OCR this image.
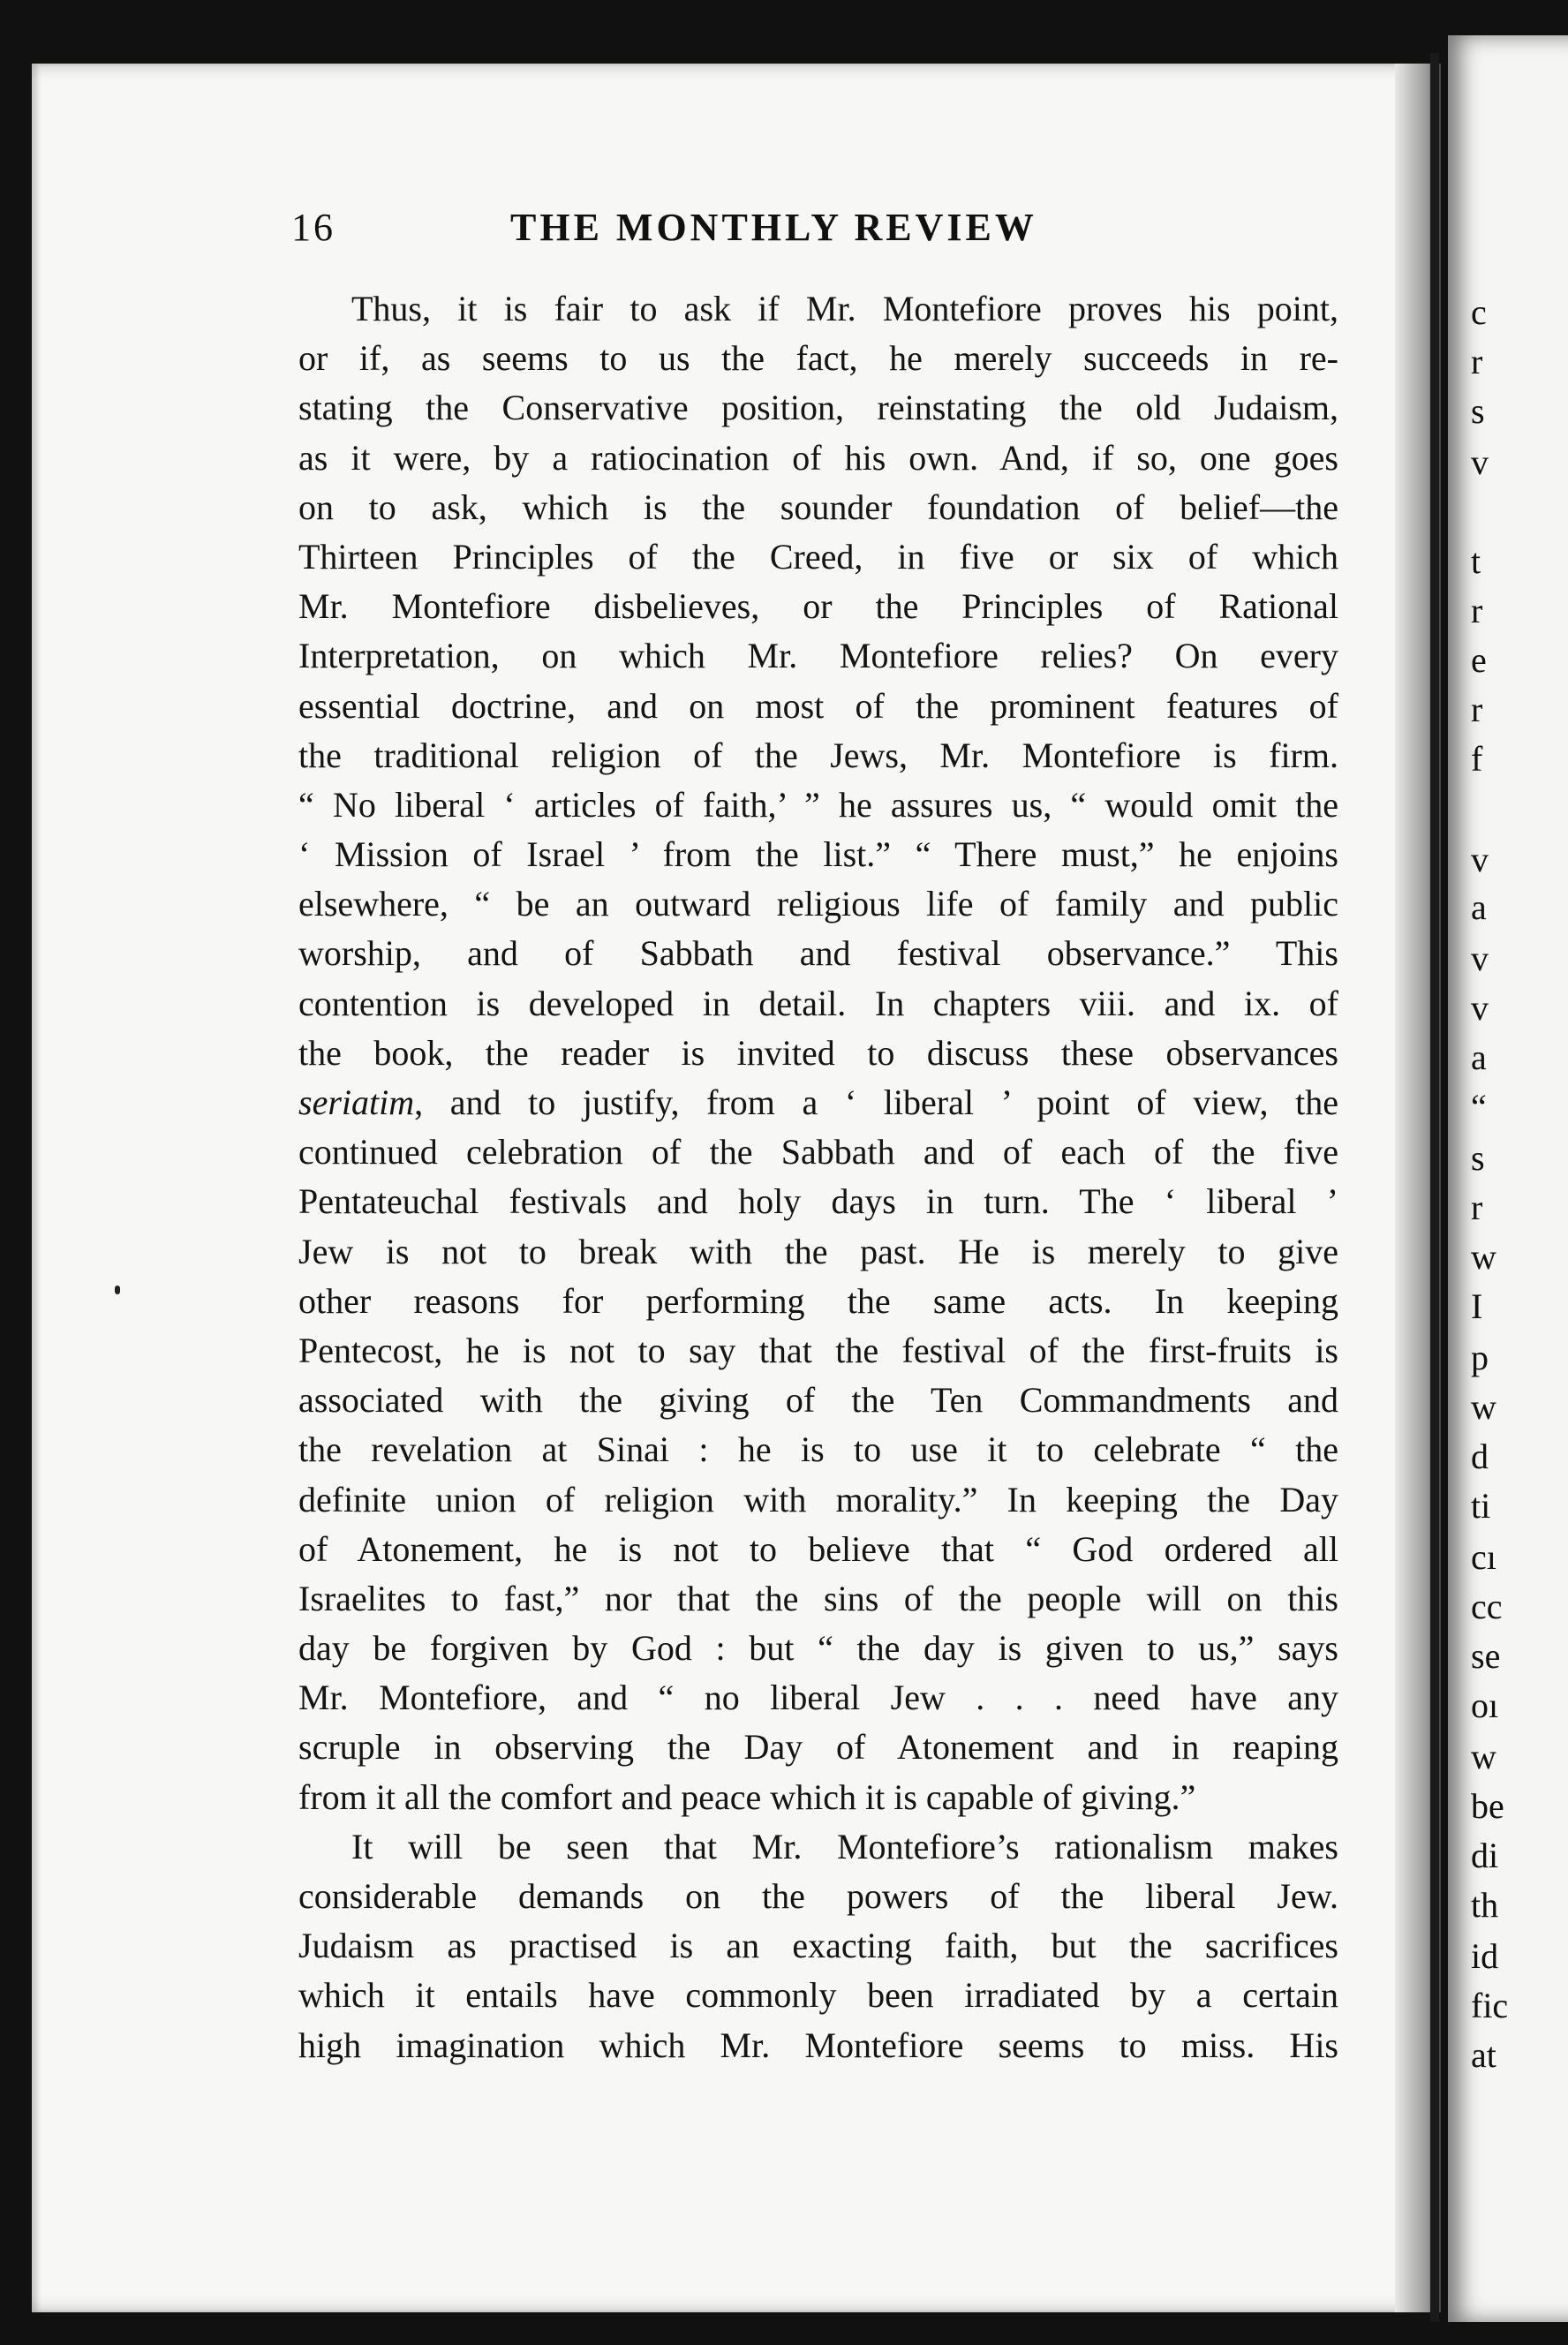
c
r
s
v
t
r
e
r
f
v
a
v
v
a
“
s
r
w
I
p
w
d
ti
cı
cc
se
oı
w
be
di
th
id
fic
at
16	THE MONTHLY REVIEW
Thus, it is fair to ask if Mr. Montefiore proves his point,
or if, as seems to us the fact, he merely succeeds in re-
stating the Conservative position, reinstating the old Judaism,
as it were, by a ratiocination of his own. And, if so, one goes
on to ask, which is the sounder foundation of belief—the
Thirteen Principles of the Creed, in five or six of which
Mr. Montefiore disbelieves, or the Principles of Rational
Interpretation, on which Mr. Montefiore relies? On every
essential doctrine, and on most of the prominent features of
the traditional religion of the Jews, Mr. Montefiore is firm.
“ No liberal ‘ articles of faith,’ ” he assures us, “ would omit the
‘ Mission of Israel ’ from the list.” “ There must,” he enjoins
elsewhere, “ be an outward religious life of family and public
worship, and of Sabbath and festival observance.” This
contention is developed in detail. In chapters viii. and ix. of
the book, the reader is invited to discuss these observances
seriatim, and to justify, from a ‘ liberal ’ point of view, the
continued celebration of the Sabbath and of each of the five
Pentateuchal festivals and holy days in turn. The ‘ liberal ’
Jew is not to break with the past. He is merely to give
other reasons for performing the same acts. In keeping
Pentecost, he is not to say that the festival of the first-fruits is
associated with the giving of the Ten Commandments and
the revelation at Sinai : he is to use it to celebrate “ the
definite union of religion with morality.” In keeping the Day
of Atonement, he is not to believe that “ God ordered all
Israelites to fast,” nor that the sins of the people will on this
day be forgiven by God : but “ the day is given to us,” says
Mr. Montefiore, and “ no liberal Jew . . . need have any
scruple in observing the Day of Atonement and in reaping
from it all the comfort and peace which it is capable of giving.”
It will be seen that Mr. Montefiore’s rationalism makes
considerable demands on the powers of the liberal Jew.
Judaism as practised is an exacting faith, but the sacrifices
which it entails have commonly been irradiated by a certain
high imagination which Mr. Montefiore seems to miss. His
